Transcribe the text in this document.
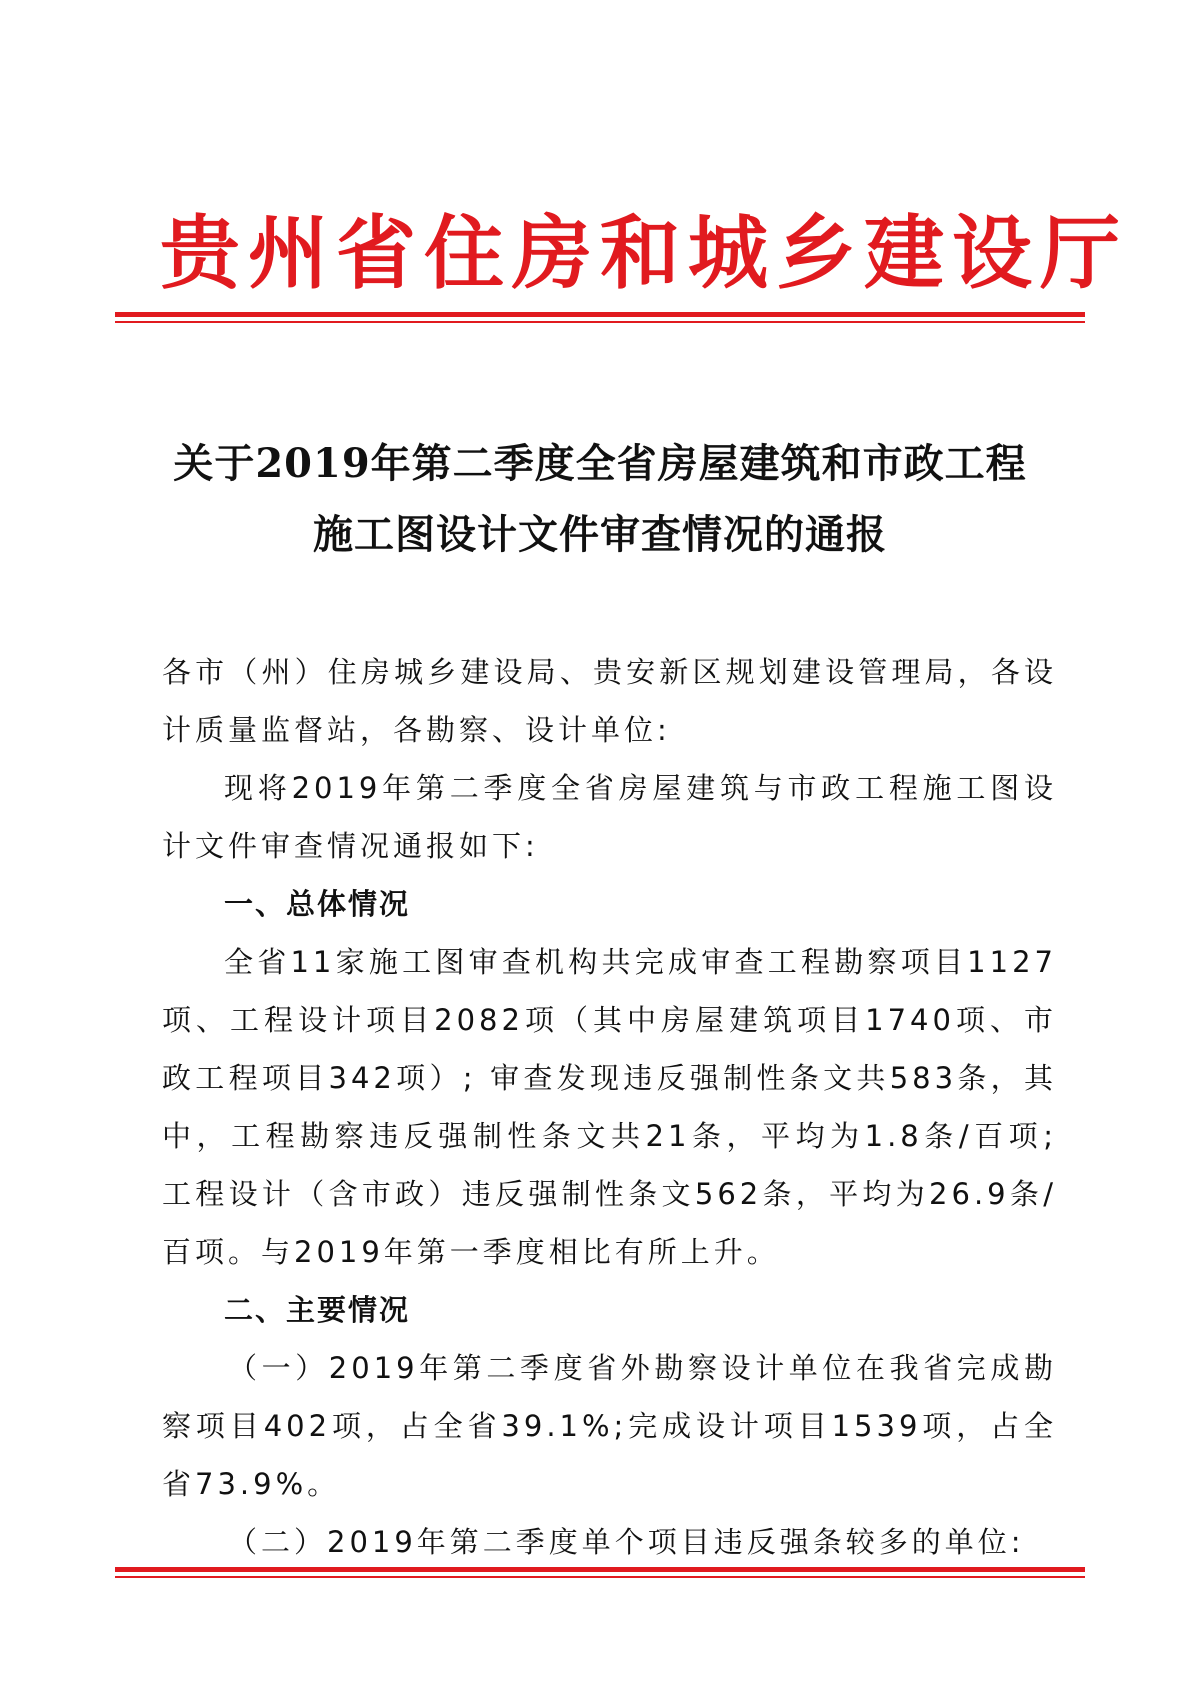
贵州省住房和城乡建设厅
关于2019年第二季度全省房屋建筑和市政工程
施工图设计文件审查情况的通报

各市（州）住房城乡建设局、贵安新区规划建设管理局，各设计质量监督站，各勘察、设计单位:

现将2019年第二季度全省房屋建筑与市政工程施工图设计文件审查情况通报如下:

一、总体情况

全省11家施工图审查机构共完成审查工程勘察项目1127项、工程设计项目2082项（其中房屋建筑项目1740项、市政工程项目342项）; 审查发现违反强制性条文共583条，其中，工程勘察违反强制性条文共21条，平均为1.8条/百项; 工程设计（含市政）违反强制性条文562条，平均为26.9条/百项。与2019年第一季度相比有所上升。

二、主要情况

（一）2019年第二季度省外勘察设计单位在我省完成勘察项目402项，占全省39.1%;完成设计项目1539项，占全省73.9%。

（二）2019年第二季度单个项目违反强条较多的单位:
